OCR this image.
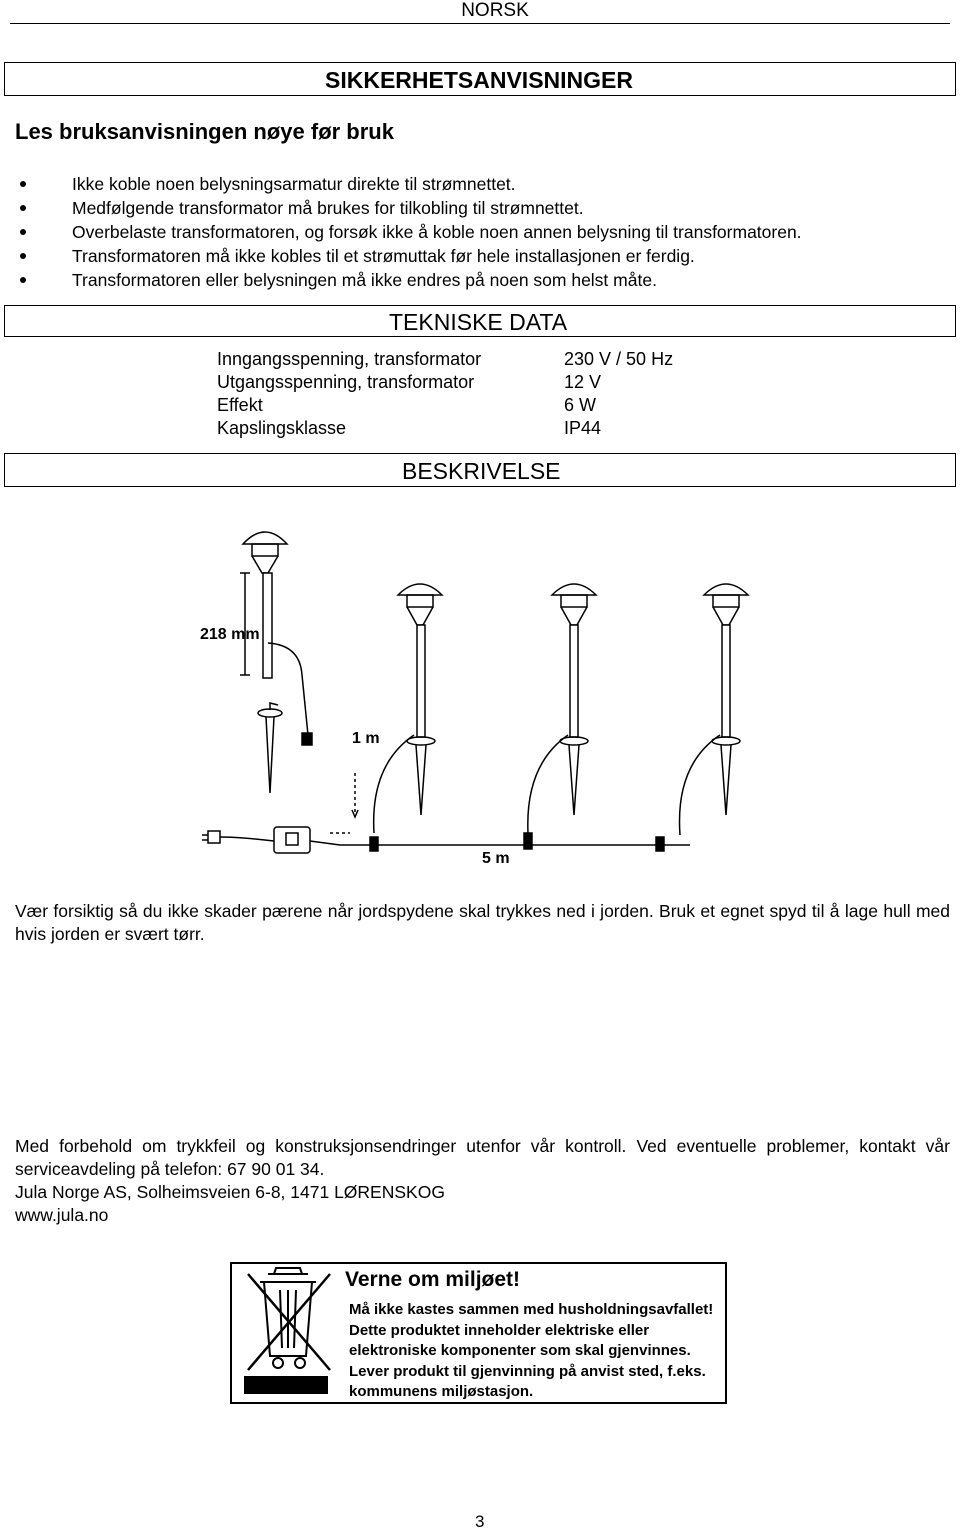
NORSK
SIKKERHETSANVISNINGER
Les bruksanvisningen nøye før bruk
Ikke koble noen belysningsarmatur direkte til strømnettet.
Medfølgende transformator må brukes for tilkobling til strømnettet.
Overbelaste transformatoren, og forsøk ikke å koble noen annen belysning til transformatoren.
Transformatoren må ikke kobles til et strømuttak før hele installasjonen er ferdig.
Transformatoren eller belysningen må ikke endres på noen som helst måte.
TEKNISKE DATA
Inngangsspenning, transformator	230 V / 50 Hz
Utgangsspenning, transformator	12 V
Effekt	6 W
Kapslingsklasse	IP44
BESKRIVELSE
218 mm
1 m
5 m
Vær forsiktig så du ikke skader pærene når jordspydene skal trykkes ned i jorden. Bruk et egnet spyd til å lage hull med hvis jorden er svært tørr.
Med forbehold om trykkfeil og konstruksjonsendringer utenfor vår kontroll. Ved eventuelle problemer, kontakt vår serviceavdeling på telefon: 67 90 01 34.
Jula Norge AS, Solheimsveien 6-8, 1471 LØRENSKOG
www.jula.no
Verne om miljøet!
Må ikke kastes sammen med husholdningsavfallet!
Dette produktet inneholder elektriske eller
elektroniske komponenter som skal gjenvinnes.
Lever produkt til gjenvinning på anvist sted, f.eks.
kommunens miljøstasjon.
3
